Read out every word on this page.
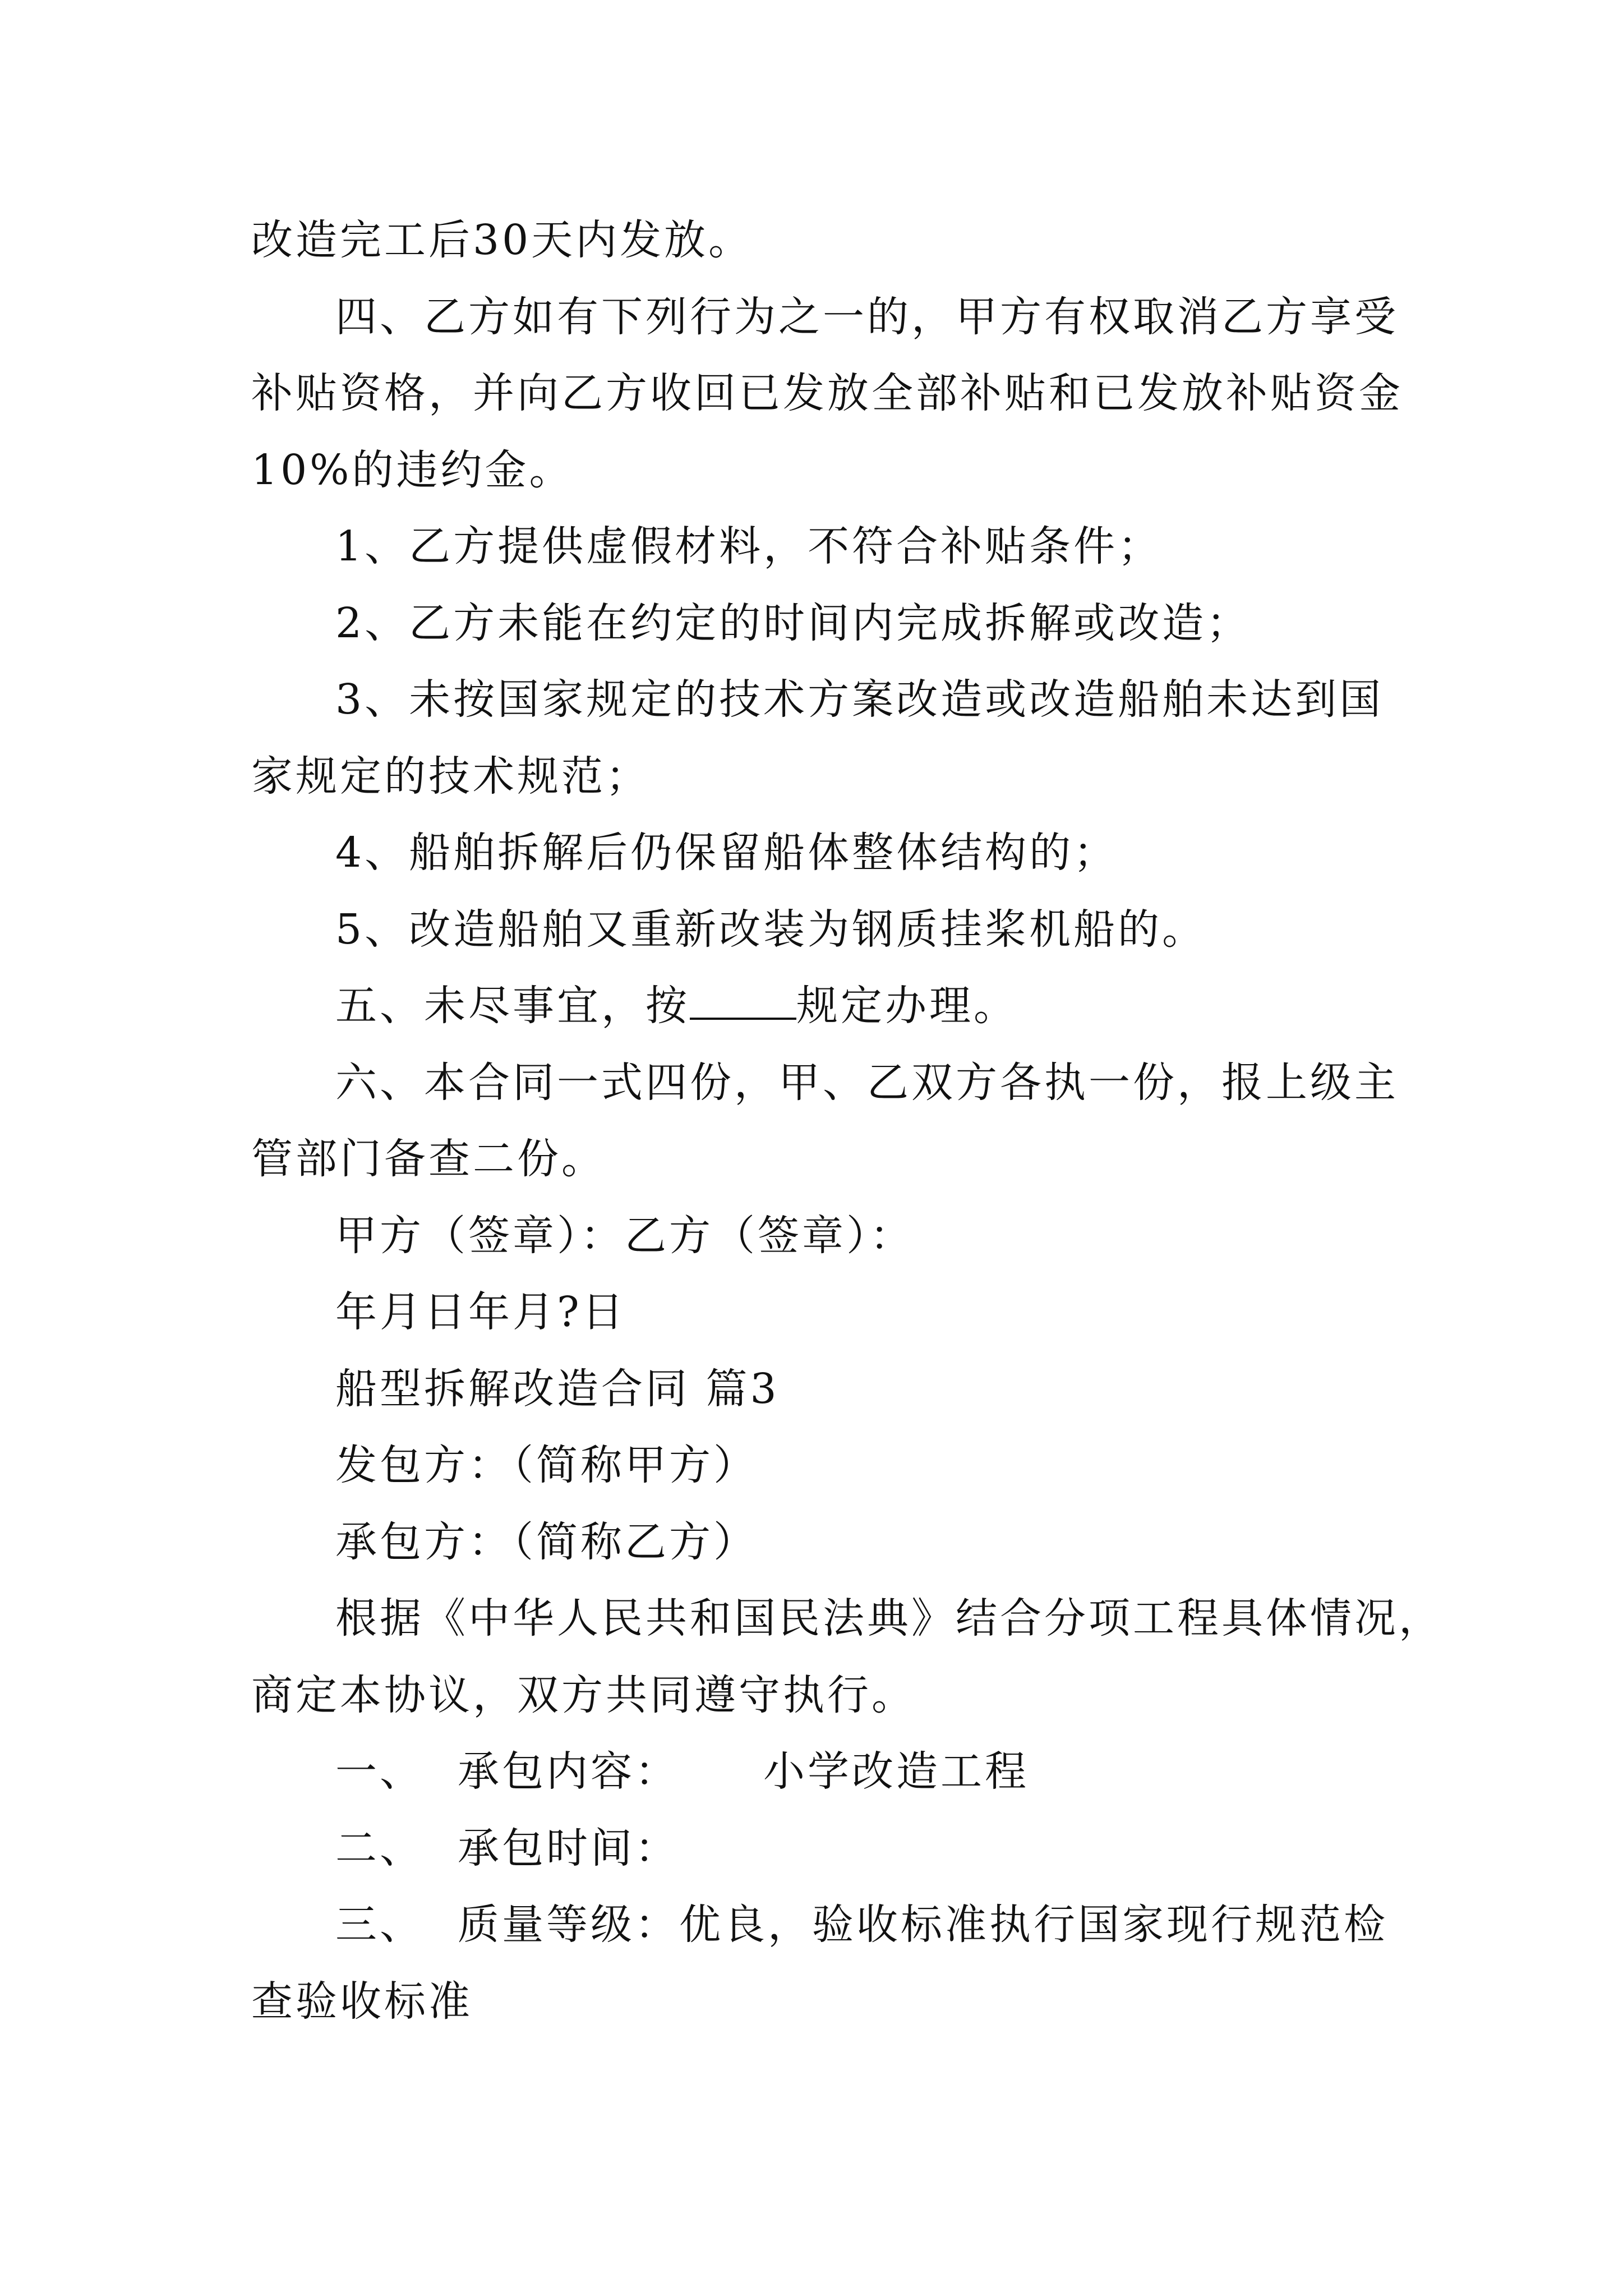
改造完工后30天内发放。
四、乙方如有下列行为之一的，甲方有权取消乙方享受
补贴资格，并向乙方收回已发放全部补贴和已发放补贴资金
10%的违约金。
1、乙方提供虚假材料，不符合补贴条件；
2、乙方未能在约定的时间内完成拆解或改造；
3、未按国家规定的技术方案改造或改造船舶未达到国
家规定的技术规范；
4、船舶拆解后仍保留船体整体结构的；
5、改造船舶又重新改装为钢质挂桨机船的。
五、未尽事宜，按	规定办理。
六、本合同一式四份，甲、乙双方各执一份，报上级主
管部门备查二份。
甲方（签章）：乙方（签章）：
年月日年月?日
船型拆解改造合同 篇3
发包方：（简称甲方）
承包方：（简称乙方）
根据《中华人民共和国民法典》结合分项工程具体情况，
商定本协议，双方共同遵守执行。
一、 承包内容： 小学改造工程
二、 承包时间：
三、 质量等级：优良，验收标准执行国家现行规范检
查验收标准
